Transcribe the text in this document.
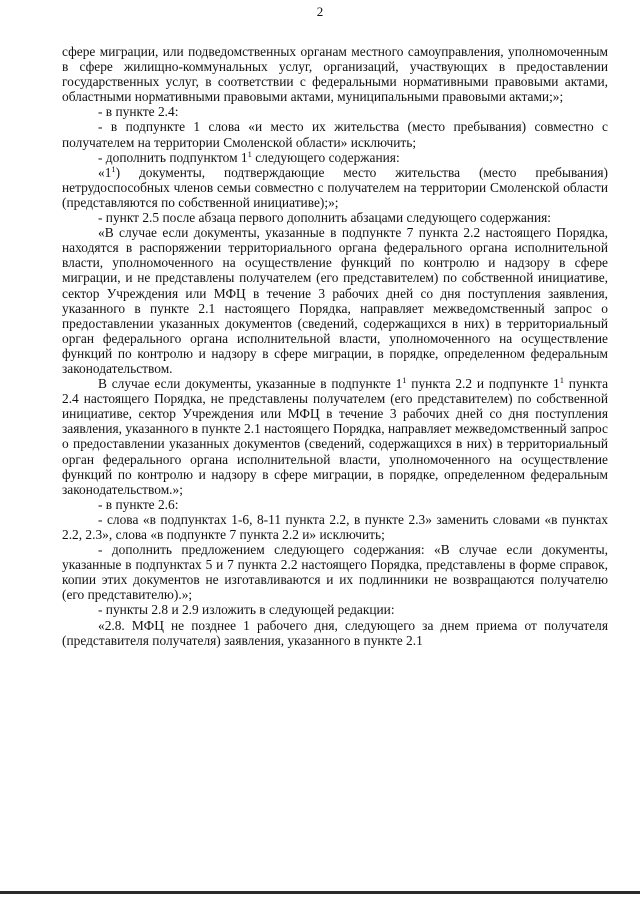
2

сфере миграции, или подведомственных органам местного самоуправления, уполномоченным в сфере жилищно-коммунальных услуг, организаций, участвующих в предоставлении государственных услуг, в соответствии с федеральными нормативными правовыми актами, областными нормативными правовыми актами, муниципальными правовыми актами;»;

- в пункте 2.4:

- в подпункте 1 слова «и место их жительства (место пребывания) совместно с получателем на территории Смоленской области» исключить;

- дополнить подпунктом $1^1$ следующего содержания:

«$1^1$) документы, подтверждающие место жительства (место пребывания) нетрудоспособных членов семьи совместно с получателем на территории Смоленской области (представляются по собственной инициативе);»;

- пункт 2.5 после абзаца первого дополнить абзацами следующего содержания:

«В случае если документы, указанные в подпункте 7 пункта 2.2 настоящего Порядка, находятся в распоряжении территориального органа федерального органа исполнительной власти, уполномоченного на осуществление функций по контролю и надзору в сфере миграции, и не представлены получателем (его представителем) по собственной инициативе, сектор Учреждения или МФЦ в течение 3 рабочих дней со дня поступления заявления, указанного в пункте 2.1 настоящего Порядка, направляет межведомственный запрос о предоставлении указанных документов (сведений, содержащихся в них) в территориальный орган федерального органа исполнительной власти, уполномоченного на осуществление функций по контролю и надзору в сфере миграции, в порядке, определенном федеральным законодательством.

В случае если документы, указанные в подпункте $1^1$ пункта 2.2 и подпункте $1^1$ пункта 2.4 настоящего Порядка, не представлены получателем (его представителем) по собственной инициативе, сектор Учреждения или МФЦ в течение 3 рабочих дней со дня поступления заявления, указанного в пункте 2.1 настоящего Порядка, направляет межведомственный запрос о предоставлении указанных документов (сведений, содержащихся в них) в территориальный орган федерального органа исполнительной власти, уполномоченного на осуществление функций по контролю и надзору в сфере миграции, в порядке, определенном федеральным законодательством.»;

- в пункте 2.6:

- слова «в подпунктах 1-6, 8-11 пункта 2.2, в пункте 2.3» заменить словами «в пунктах 2.2, 2.3», слова «в подпункте 7 пункта 2.2 и» исключить;

- дополнить предложением следующего содержания: «В случае если документы, указанные в подпунктах 5 и 7 пункта 2.2 настоящего Порядка, представлены в форме справок, копии этих документов не изготавливаются и их подлинники не возвращаются получателю (его представителю).»;

- пункты 2.8 и 2.9 изложить в следующей редакции:

«2.8. МФЦ не позднее 1 рабочего дня, следующего за днем приема от получателя (представителя получателя) заявления, указанного в пункте 2.1
